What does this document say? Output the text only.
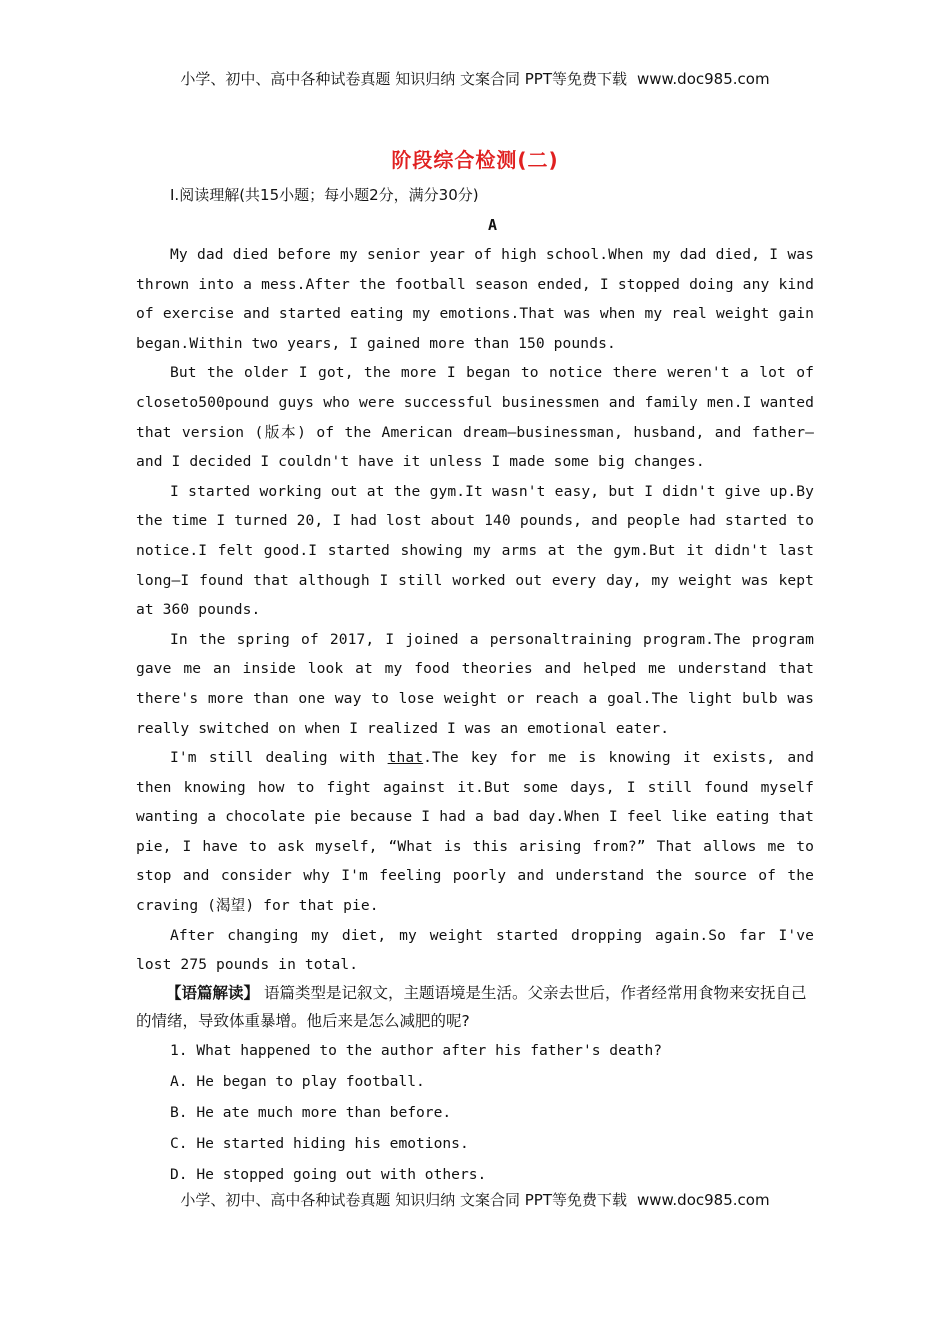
小学、初中、高中各种试卷真题 知识归纳 文案合同 PPT等免费下载 www.doc985.com
阶段综合检测(二)
I.阅读理解(共15小题；每小题2分，满分30分)
A

My dad died before my senior year of high school.When my dad died, I was thrown into a mess.After the football season ended, I stopped doing any kind of exercise and started eating my emotions.That was when my real weight gain began.Within two years, I gained more than 150 pounds.

But the older I got, the more I began to notice there weren't a lot of closeto500pound guys who were successful businessmen and family men.I wanted that version (版本) of the American dream—businessman, husband, and father—and I decided I couldn't have it unless I made some big changes.

I started working out at the gym.It wasn't easy, but I didn't give up.By the time I turned 20, I had lost about 140 pounds, and people had started to notice.I felt good.I started showing my arms at the gym.But it didn't last long—I found that although I still worked out every day, my weight was kept at 360 pounds.

In the spring of 2017, I joined a personaltraining program.The program gave me an inside look at my food theories and helped me understand that there's more than one way to lose weight or reach a goal.The light bulb was really switched on when I realized I was an emotional eater.

I'm still dealing with that.The key for me is knowing it exists, and then knowing how to fight against it.But some days, I still found myself wanting a chocolate pie because I had a bad day.When I feel like eating that pie, I have to ask myself, “What is this arising from?” That allows me to stop and consider why I'm feeling poorly and understand the source of the craving (渴望) for that pie.

After changing my diet, my weight started dropping again.So far I've lost 275 pounds in total.

【语篇解读】 语篇类型是记叙文，主题语境是生活。父亲去世后，作者经常用食物来安抚自己的情绪，导致体重暴增。他后来是怎么减肥的呢?
1. What happened to the author after his father's death?
A. He began to play football.
B. He ate much more than before.
C. He started hiding his emotions.
D. He stopped going out with others.
小学、初中、高中各种试卷真题 知识归纳 文案合同 PPT等免费下载 www.doc985.com
